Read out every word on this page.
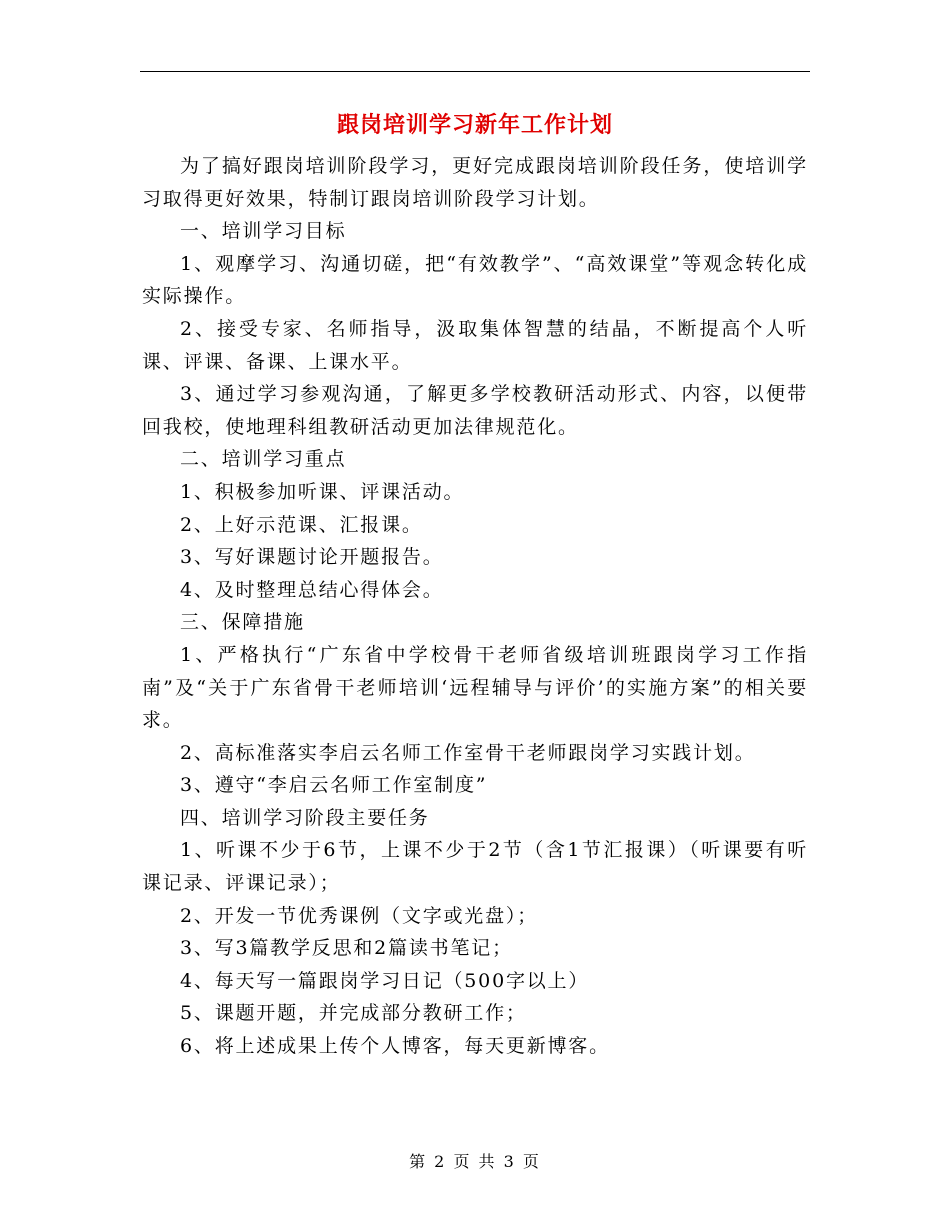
跟岗培训学习新年工作计划

为了搞好跟岗培训阶段学习，更好完成跟岗培训阶段任务，使培训学习取得更好效果，特制订跟岗培训阶段学习计划。

一、培训学习目标

1、观摩学习、沟通切磋，把“有效教学”、“高效课堂”等观念转化成实际操作。

2、接受专家、名师指导，汲取集体智慧的结晶，不断提高个人听课、评课、备课、上课水平。

3、通过学习参观沟通，了解更多学校教研活动形式、内容，以便带回我校，使地理科组教研活动更加法律规范化。

二、培训学习重点

1、积极参加听课、评课活动。

2、上好示范课、汇报课。

3、写好课题讨论开题报告。

4、及时整理总结心得体会。

三、保障措施

1、严格执行“广东省中学校骨干老师省级培训班跟岗学习工作指南”及“关于广东省骨干老师培训‘远程辅导与评价’的实施方案”的相关要求。

2、高标准落实李启云名师工作室骨干老师跟岗学习实践计划。

3、遵守“李启云名师工作室制度”

四、培训学习阶段主要任务

1、听课不少于6节，上课不少于2节（含1节汇报课）（听课要有听课记录、评课记录）；

2、开发一节优秀课例（文字或光盘）；

3、写3篇教学反思和2篇读书笔记；

4、每天写一篇跟岗学习日记（500字以上）

5、课题开题，并完成部分教研工作；

6、将上述成果上传个人博客，每天更新博客。

第 2 页 共 3 页
